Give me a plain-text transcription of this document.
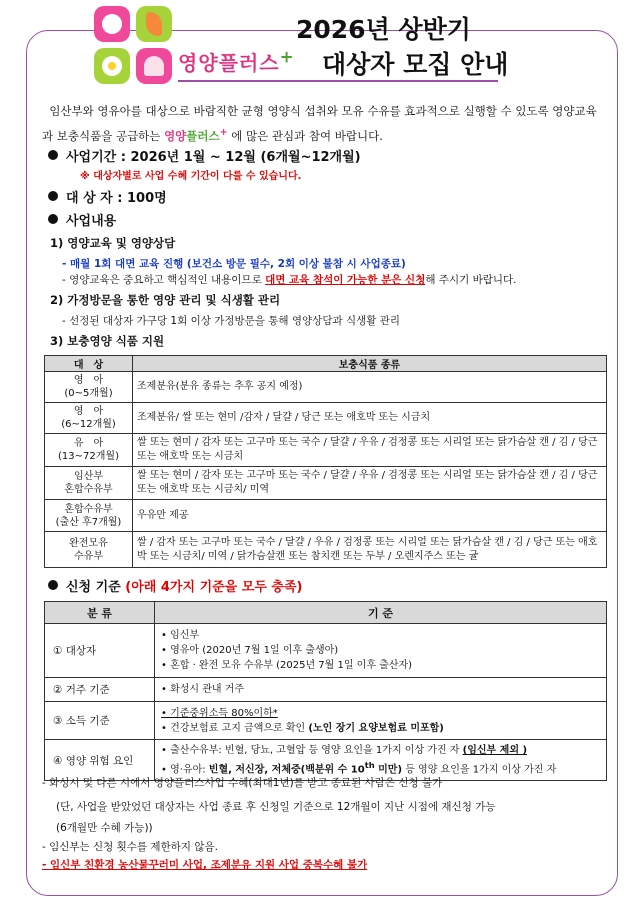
2026년 상반기
영양플러스+ 대상자 모집 안내
임산부와 영유아를 대상으로 바람직한 균형 영양식 섭취와 모유 수유를 효과적으로 실행할 수 있도록 영양교육과 보충식품을 공급하는 영양플러스+ 에 많은 관심과 참여 바랍니다.
사업기간 : 2026년 1월 ~ 12월 (6개월~12개월)
※ 대상자별로 사업 수혜 기간이 다를 수 있습니다.
대 상 자 : 100명
사업내용
1) 영양교육 및 영양상담
- 매월 1회 대면 교육 진행 (보건소 방문 필수, 2회 이상 불참 시 사업종료)
- 영양교육은 중요하고 핵심적인 내용이므로 대면 교육 참석이 가능한 분은 신청해 주시기 바랍니다.
2) 가정방문을 통한 영양 관리 및 식생활 관리
- 선정된 대상자 가구당 1회 이상 가정방문을 통해 영양상담과 식생활 관리
3) 보충영양 식품 지원
대　상	보충식품 종류
영　아
(0~5개월)	조제분유(분유 종류는 추후 공지 예정)
영　아
(6~12개월)	조제분유/ 쌀 또는 현미 /감자 / 달걀 / 당근 또는 애호박 또는 시금치
유　아
(13~72개월)	쌀 또는 현미 / 감자 또는 고구마 또는 국수 / 달걀 / 우유 / 검정콩 또는 시리얼 또는 닭가슴살 캔 / 김 / 당근 또는 애호박 또는 시금치
임산부
혼합수유부	쌀 또는 현미 / 감자 또는 고구마 또는 국수 / 달걀 / 우유 / 검정콩 또는 시리얼 또는 닭가슴살 캔 / 김 / 당근 또는 애호박 또는 시금치/ 미역
혼합수유부
(출산 후7개월)	우유만 제공
완전모유
수유부	쌀 / 감자 또는 고구마 또는 국수 / 달걀 / 우유 / 검정콩 또는 시리얼 또는 닭가슴살 캔 / 김 / 당근 또는 애호박 또는 시금치/ 미역 / 닭가슴살캔 또는 참치캔 또는 두부 / 오렌지주스 또는 귤
신청 기준 (아래 4가지 기준을 모두 충족)
분 류	기 준
① 대상자	• 임신부
• 영유아 (2020년 7월 1일 이후 출생아)
• 혼합 · 완전 모유 수유부 (2025년 7월 1일 이후 출산자)

② 거주 기준	• 화성시 관내 거주
③ 소득 기준	• 기준중위소득 80%이하*
• 건강보험료 고지 금액으로 확인 (노인 장기 요양보험료 미포함)

④ 영양 위험 요인	• 출산수유부: 빈혈, 당뇨, 고혈압 등 영양 요인을 1가지 이상 가진 자 (임신부 제외 )
• 영·유아: 빈혈, 저신장, 저체중(백분위 수 10th 미만) 등 영양 요인을 1가지 이상 가진 자
- 화성시 및 다른 시에서 영양플러스사업 수혜(최대1년)를 받고 종료된 사람은 신청 불가
(단, 사업을 받았었던 대상자는 사업 종료 후 신청일 기준으로 12개월이 지난 시점에 재신청 가능
(6개월만 수혜 가능))
- 임신부는 신청 횟수를 제한하지 않음.
- 임신부 친환경 농산물꾸러미 사업, 조제분유 지원 사업 중복수혜 불가
